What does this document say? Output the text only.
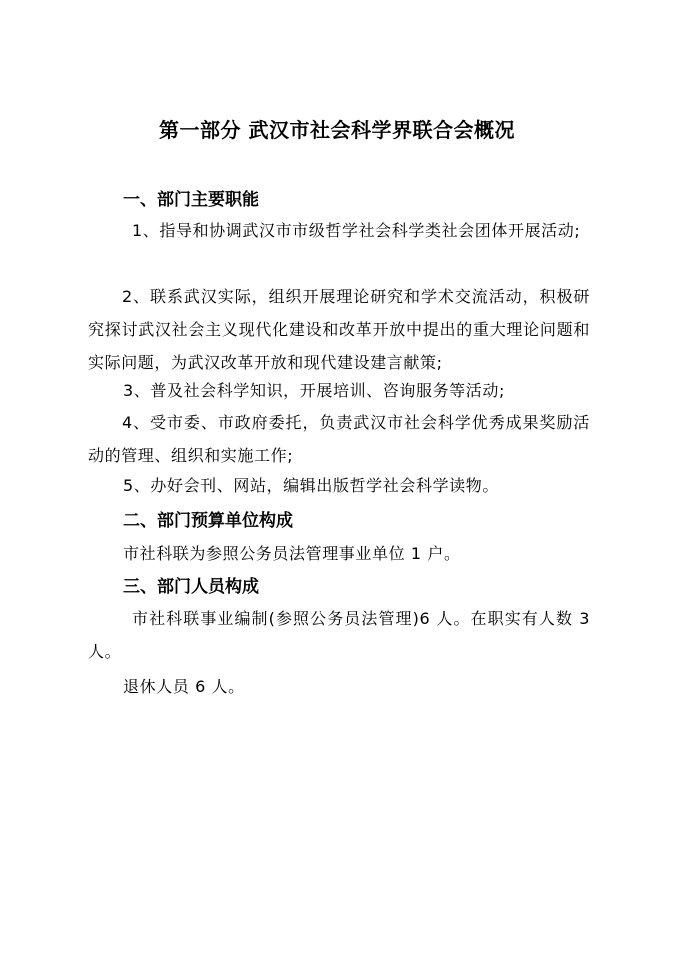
第一部分 武汉市社会科学界联合会概况
一、部门主要职能
1、指导和协调武汉市市级哲学社会科学类社会团体开展活动;
2、联系武汉实际，组织开展理论研究和学术交流活动，积极研究探讨武汉社会主义现代化建设和改革开放中提出的重大理论问题和实际问题，为武汉改革开放和现代建设建言献策;
3、普及社会科学知识，开展培训、咨询服务等活动;
4、受市委、市政府委托，负责武汉市社会科学优秀成果奖励活动的管理、组织和实施工作;
5、办好会刊、网站，编辑出版哲学社会科学读物。
二、部门预算单位构成
市社科联为参照公务员法管理事业单位 1 户。
三、部门人员构成
市社科联事业编制(参照公务员法管理)6 人。在职实有人数 3 人。
退休人员 6 人。
